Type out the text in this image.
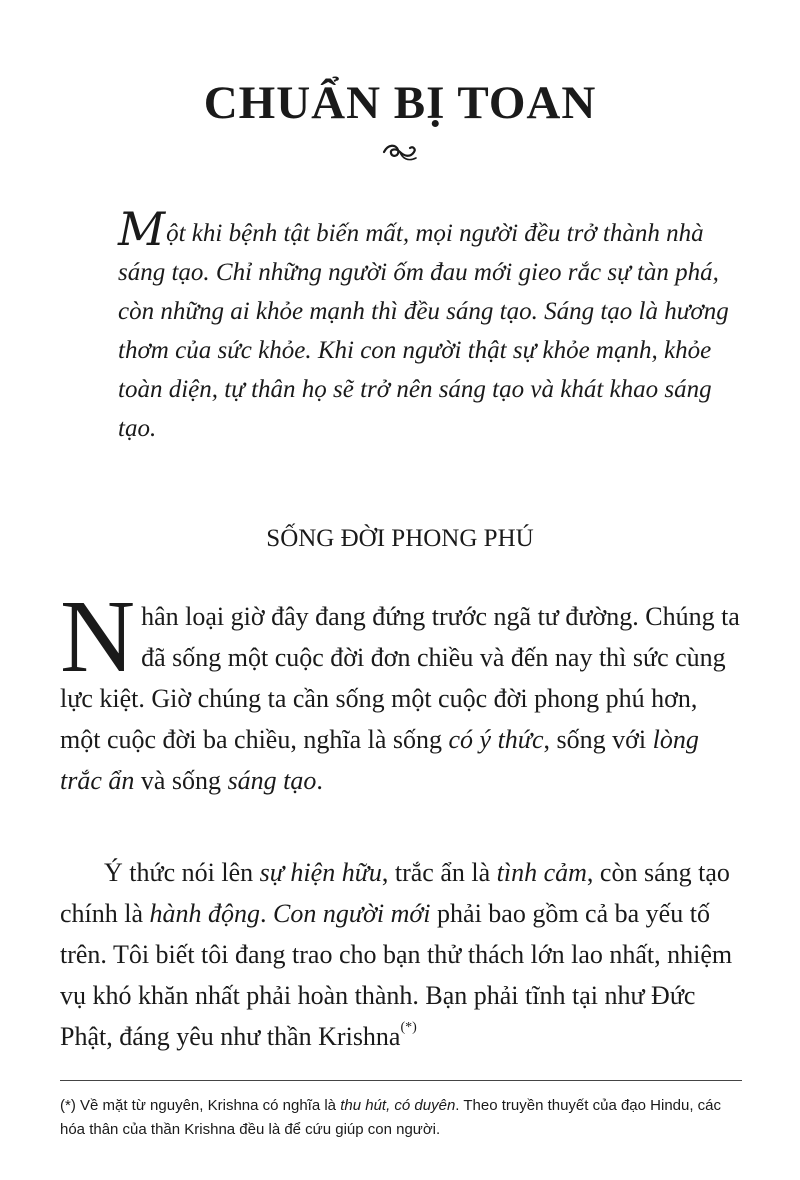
CHUẨN BỊ TOAN

Một khi bệnh tật biến mất, mọi người đều trở thành nhà sáng tạo. Chỉ những người ốm đau mới gieo rắc sự tàn phá, còn những ai khỏe mạnh thì đều sáng tạo. Sáng tạo là hương thơm của sức khỏe. Khi con người thật sự khỏe mạnh, khỏe toàn diện, tự thân họ sẽ trở nên sáng tạo và khát khao sáng tạo.

SỐNG ĐỜI PHONG PHÚ

Nhân loại giờ đây đang đứng trước ngã tư đường. Chúng ta đã sống một cuộc đời đơn chiều và đến nay thì sức cùng lực kiệt. Giờ chúng ta cần sống một cuộc đời phong phú hơn, một cuộc đời ba chiều, nghĩa là sống có ý thức, sống với lòng trắc ẩn và sống sáng tạo.

Ý thức nói lên sự hiện hữu, trắc ẩn là tình cảm, còn sáng tạo chính là hành động. Con người mới phải bao gồm cả ba yếu tố trên. Tôi biết tôi đang trao cho bạn thử thách lớn lao nhất, nhiệm vụ khó khăn nhất phải hoàn thành. Bạn phải tĩnh tại như Đức Phật, đáng yêu như thần Krishna(*)

(*) Về mặt từ nguyên, Krishna có nghĩa là thu hút, có duyên. Theo truyền thuyết của đạo Hindu, các hóa thân của thần Krishna đều là để cứu giúp con người.
